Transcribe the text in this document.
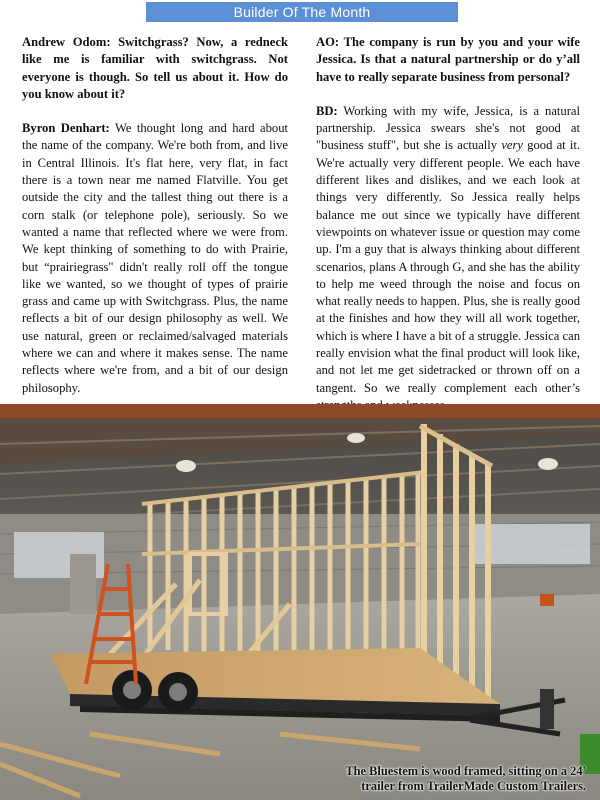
Builder Of The Month

Andrew Odom: Switchgrass? Now, a redneck like me is familiar with switchgrass. Not everyone is though. So tell us about it. How do you know about it?

Byron Denhart: We thought long and hard about the name of the company. We're both from, and live in Central Illinois. It's flat here, very flat, in fact there is a town near me named Flatville. You get outside the city and the tallest thing out there is a corn stalk (or telephone pole), seriously. So we wanted a name that reflected where we were from. We kept thinking of something to do with Prairie, but “prairiegrass" didn't really roll off the tongue like we wanted, so we thought of types of prairie grass and came up with Switchgrass. Plus, the name reflects a bit of our design philosophy as well. We use natural, green or reclaimed/salvaged materials where we can and where it makes sense. The name reflects where we're from, and a bit of our design philosophy.

AO: The company is run by you and your wife Jessica. Is that a natural partnership or do y’all have to really separate business from personal?

BD: Working with my wife, Jessica, is a natural partnership. Jessica swears she's not good at "business stuff", but she is actually very good at it. We're actually very different people. We each have different likes and dislikes, and we each look at things very differently. So Jessica really helps balance me out since we typically have different viewpoints on whatever issue or question may come up. I'm a guy that is always thinking about different scenarios, plans A through G, and she has the ability to help me weed through the noise and focus on what really needs to happen. Plus, she is really good at the finishes and how they will all work together, which is where I have a bit of a struggle. Jessica can really envision what the final product will look like, and not let me get sidetracked or thrown off on a tangent. So we really complement each other’s

The Bluestem is wood framed, sitting on a 24'
trailer from TrailerMade Custom Trailers.
